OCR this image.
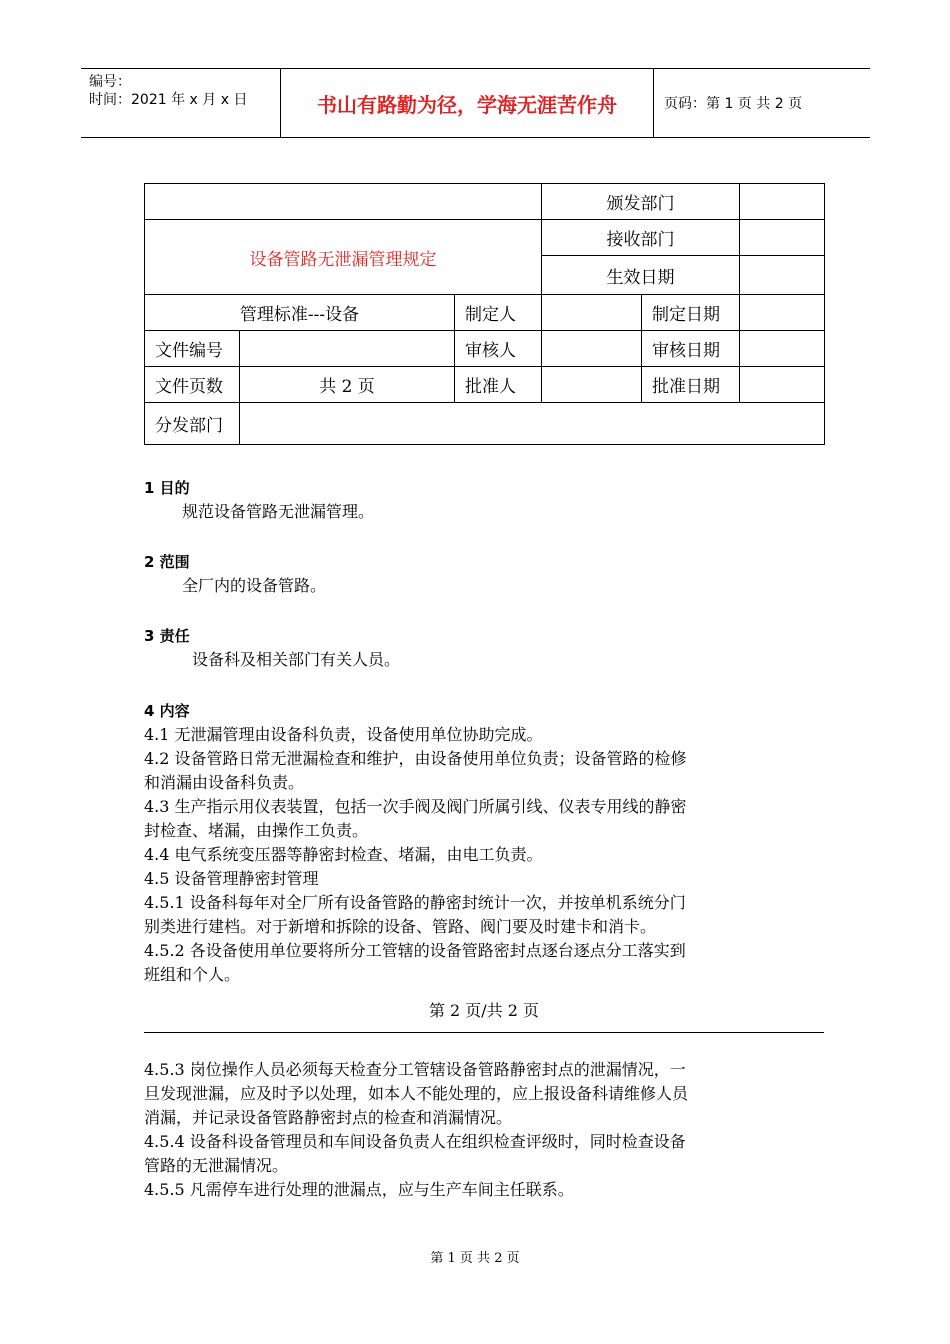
编号：
时间：2021 年 x 月 x 日	书山有路勤为径，学海无涯苦作舟	页码：第 1 页 共 2 页
			颁发部门		
设备管路无泄漏管理规定			接收部门		
			生效日期		
管理标准---设备		制定人		制定日期	
文件编号		审核人		审核日期	
文件页数	共 2 页	批准人		批准日期	
分发部门					
1 目的
规范设备管路无泄漏管理。
2 范围
全厂内的设备管路。
3 责任
设备科及相关部门有关人员。
4 内容
4.1 无泄漏管理由设备科负责，设备使用单位协助完成。
4.2 设备管路日常无泄漏检查和维护，由设备使用单位负责；设备管路的检修
和消漏由设备科负责。
4.3 生产指示用仪表装置，包括一次手阀及阀门所属引线、仪表专用线的静密
封检查、堵漏，由操作工负责。
4.4 电气系统变压器等静密封检查、堵漏，由电工负责。
4.5 设备管理静密封管理
4.5.1 设备科每年对全厂所有设备管路的静密封统计一次，并按单机系统分门
别类进行建档。对于新增和拆除的设备、管路、阀门要及时建卡和消卡。
4.5.2 各设备使用单位要将所分工管辖的设备管路密封点逐台逐点分工落实到
班组和个人。
第 2 页/共 2 页
4.5.3 岗位操作人员必须每天检查分工管辖设备管路静密封点的泄漏情况，一
旦发现泄漏，应及时予以处理，如本人不能处理的，应上报设备科请维修人员
消漏，并记录设备管路静密封点的检查和消漏情况。
4.5.4 设备科设备管理员和车间设备负责人在组织检查评级时，同时检查设备
管路的无泄漏情况。
4.5.5 凡需停车进行处理的泄漏点，应与生产车间主任联系。
第 1 页 共 2 页
